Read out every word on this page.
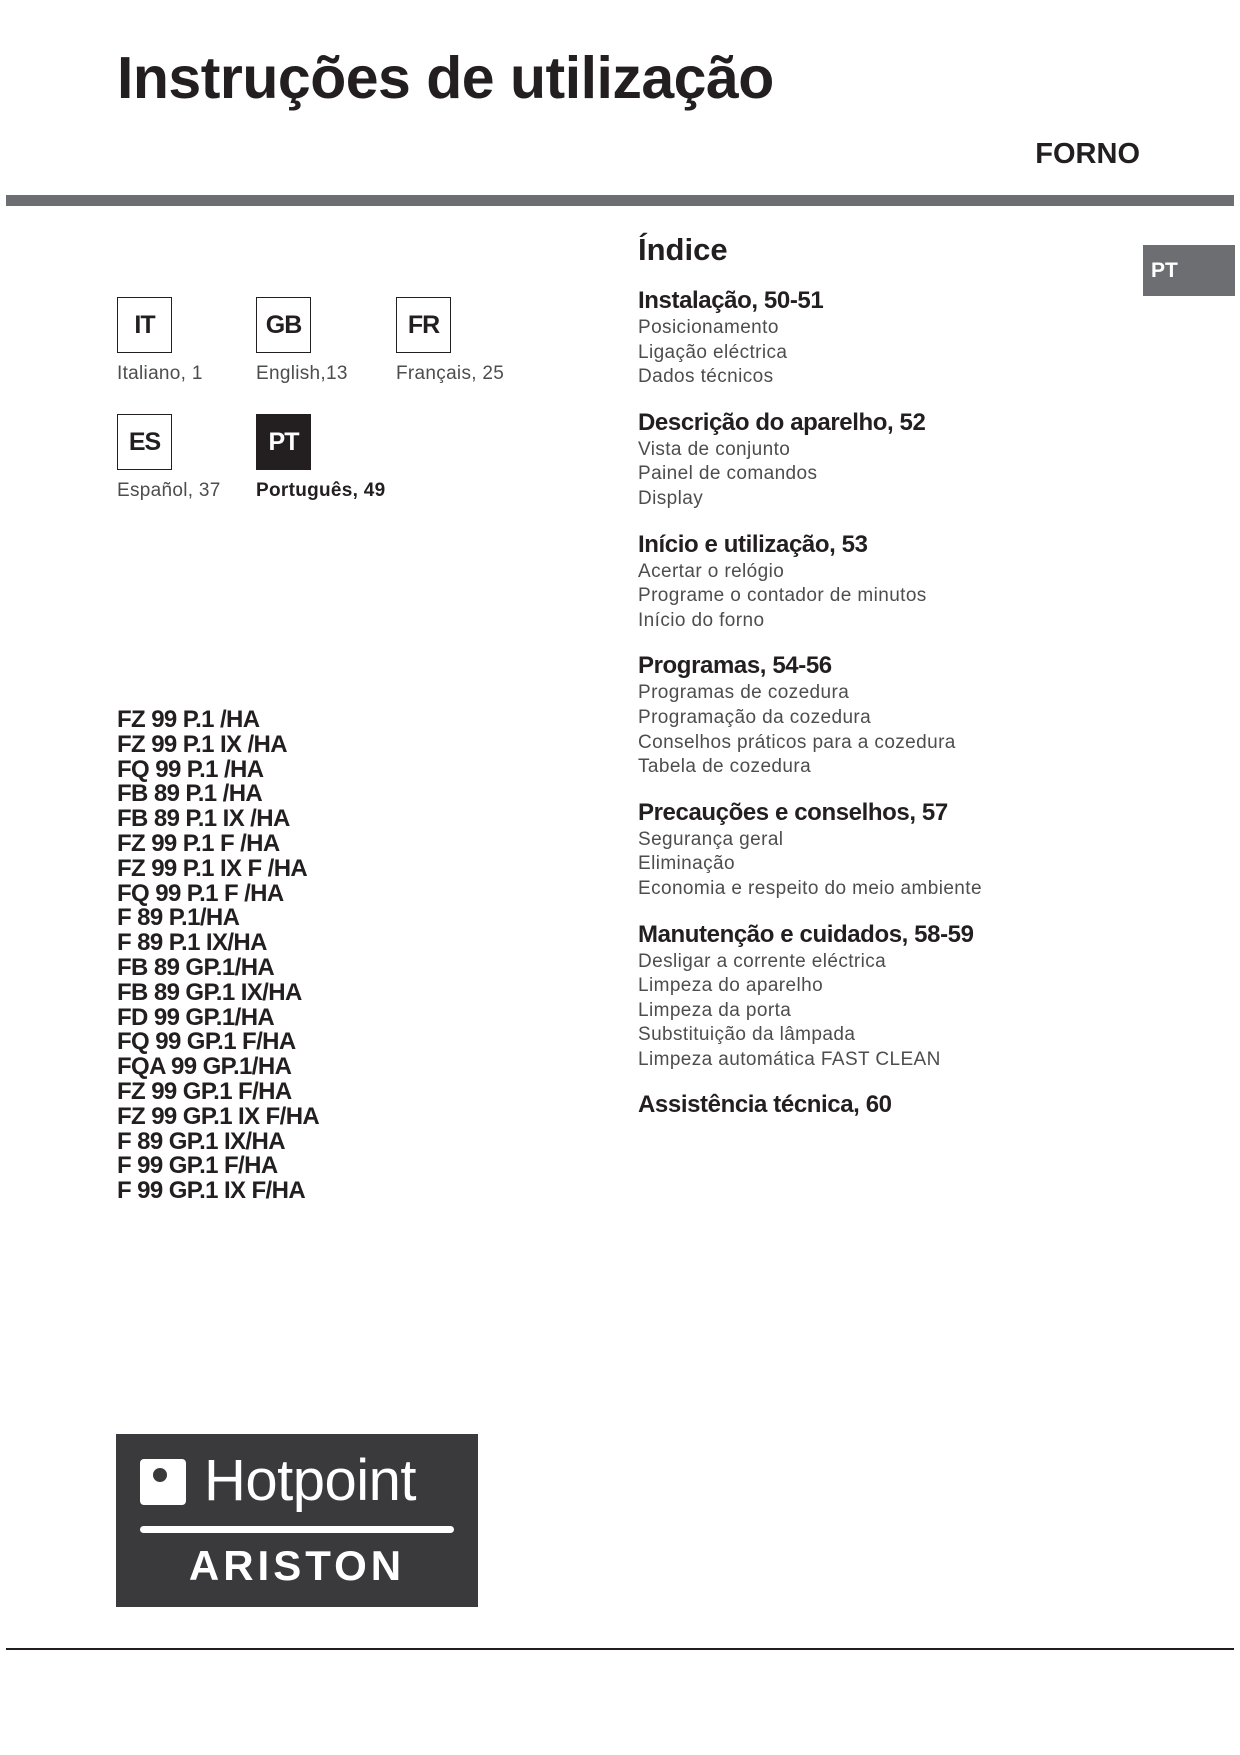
Instruções de utilização
FORNO
PT
IT
Italiano, 1
GB
English,13
FR
Français, 25
ES
Español, 37
PT
Português, 49
FZ 99 P.1 /HA
FZ 99 P.1 IX /HA
FQ 99 P.1 /HA
FB 89 P.1 /HA
FB 89 P.1 IX /HA
FZ 99 P.1 F /HA
FZ 99 P.1 IX F /HA
FQ 99 P.1 F /HA
F 89 P.1/HA
F 89 P.1 IX/HA
FB 89 GP.1/HA
FB 89 GP.1 IX/HA
FD 99 GP.1/HA
FQ 99 GP.1 F/HA
FQA 99 GP.1/HA
FZ 99 GP.1 F/HA
FZ 99 GP.1 IX F/HA
F 89 GP.1 IX/HA
F 99 GP.1 F/HA
F 99 GP.1 IX F/HA
Índice
Instalação, 50-51
Posicionamento
Ligação eléctrica
Dados técnicos
Descrição do aparelho, 52
Vista de conjunto
Painel de comandos
Display
Início e utilização, 53
Acertar o relógio
Programe o contador de minutos
Início do forno
Programas, 54-56
Programas de cozedura
Programação da cozedura
Conselhos práticos para a cozedura
Tabela de cozedura
Precauções e conselhos, 57
Segurança geral
Eliminação
Economia e respeito do meio ambiente
Manutenção e cuidados, 58-59
Desligar a corrente eléctrica
Limpeza do aparelho
Limpeza da porta
Substituição da lâmpada
Limpeza automática FAST CLEAN
Assistência técnica, 60
Hotpoint
ARISTON
